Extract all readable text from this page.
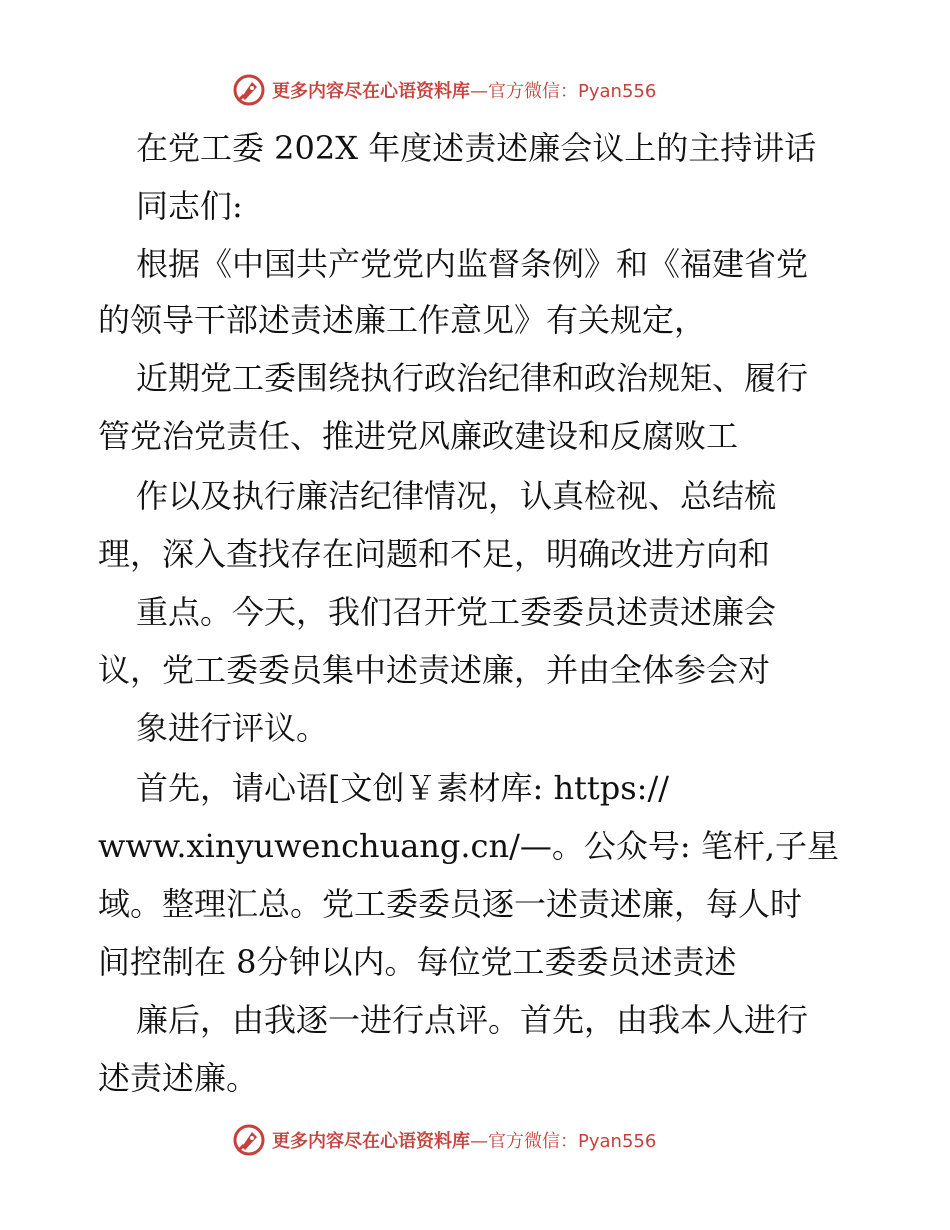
更多内容尽在心语资料库 —官方微信：Pyan556
在党工委 202X 年度述责述廉会议上的主持讲话
同志们:
根据《中国共产党党内监督条例》和《福建省党
的领导干部述责述廉工作意见》有关规定，
近期党工委围绕执行政治纪律和政治规矩、履行
管党治党责任、推进党风廉政建设和反腐败工
作以及执行廉洁纪律情况，认真检视、总结梳
理，深入查找存在问题和不足，明确改进方向和
重点。今天，我们召开党工委委员述责述廉会
议，党工委委员集中述责述廉，并由全体参会对
象进行评议。
首先，请心语[文创￥素材库: https://
www.xinyuwenchuang.cn/—。公众号: 笔杆,子星
域。整理汇总。党工委委员逐一述责述廉，每人时
间控制在 8分钟以内。每位党工委委员述责述
廉后，由我逐一进行点评。首先，由我本人进行
述责述廉。
更多内容尽在心语资料库 —官方微信：Pyan556
